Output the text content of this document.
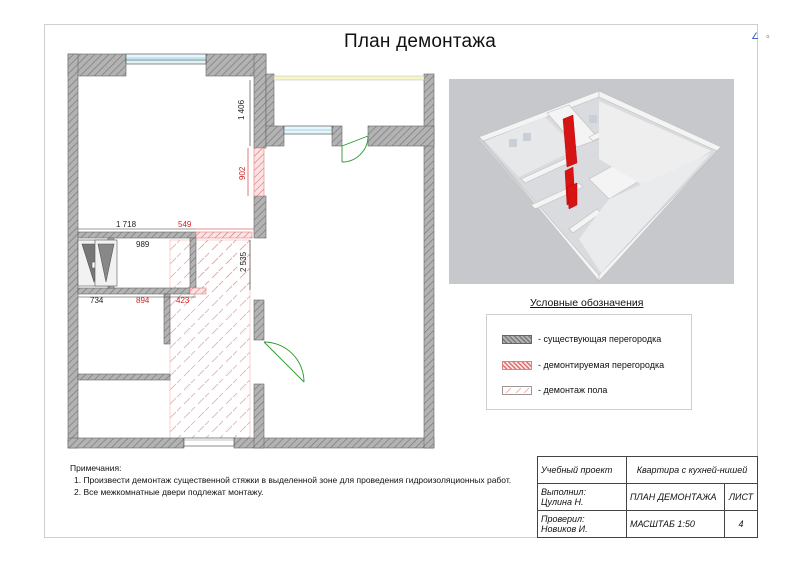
План демонтажа	∠ ∘
1 406
902
1 718	549
989
2 535
734	894	423	Условные обозначения
- существующая перегородка
- демонтируемая перегородка
- демонтаж пола
Примечания:
1. Произвести демонтаж существенной стяжки в выделенной зоне для проведения гидроизоляционных работ.
2. Все межкомнатные двери подлежат монтажу.
Учебный проект	Квартира с кухней-нишей	

Выполнил:
Цулина Н.	ПЛАН ДЕМОНТАЖА	ЛИСТ

Проверил:
Новиков И.	МАСШТАБ 1:50	4
